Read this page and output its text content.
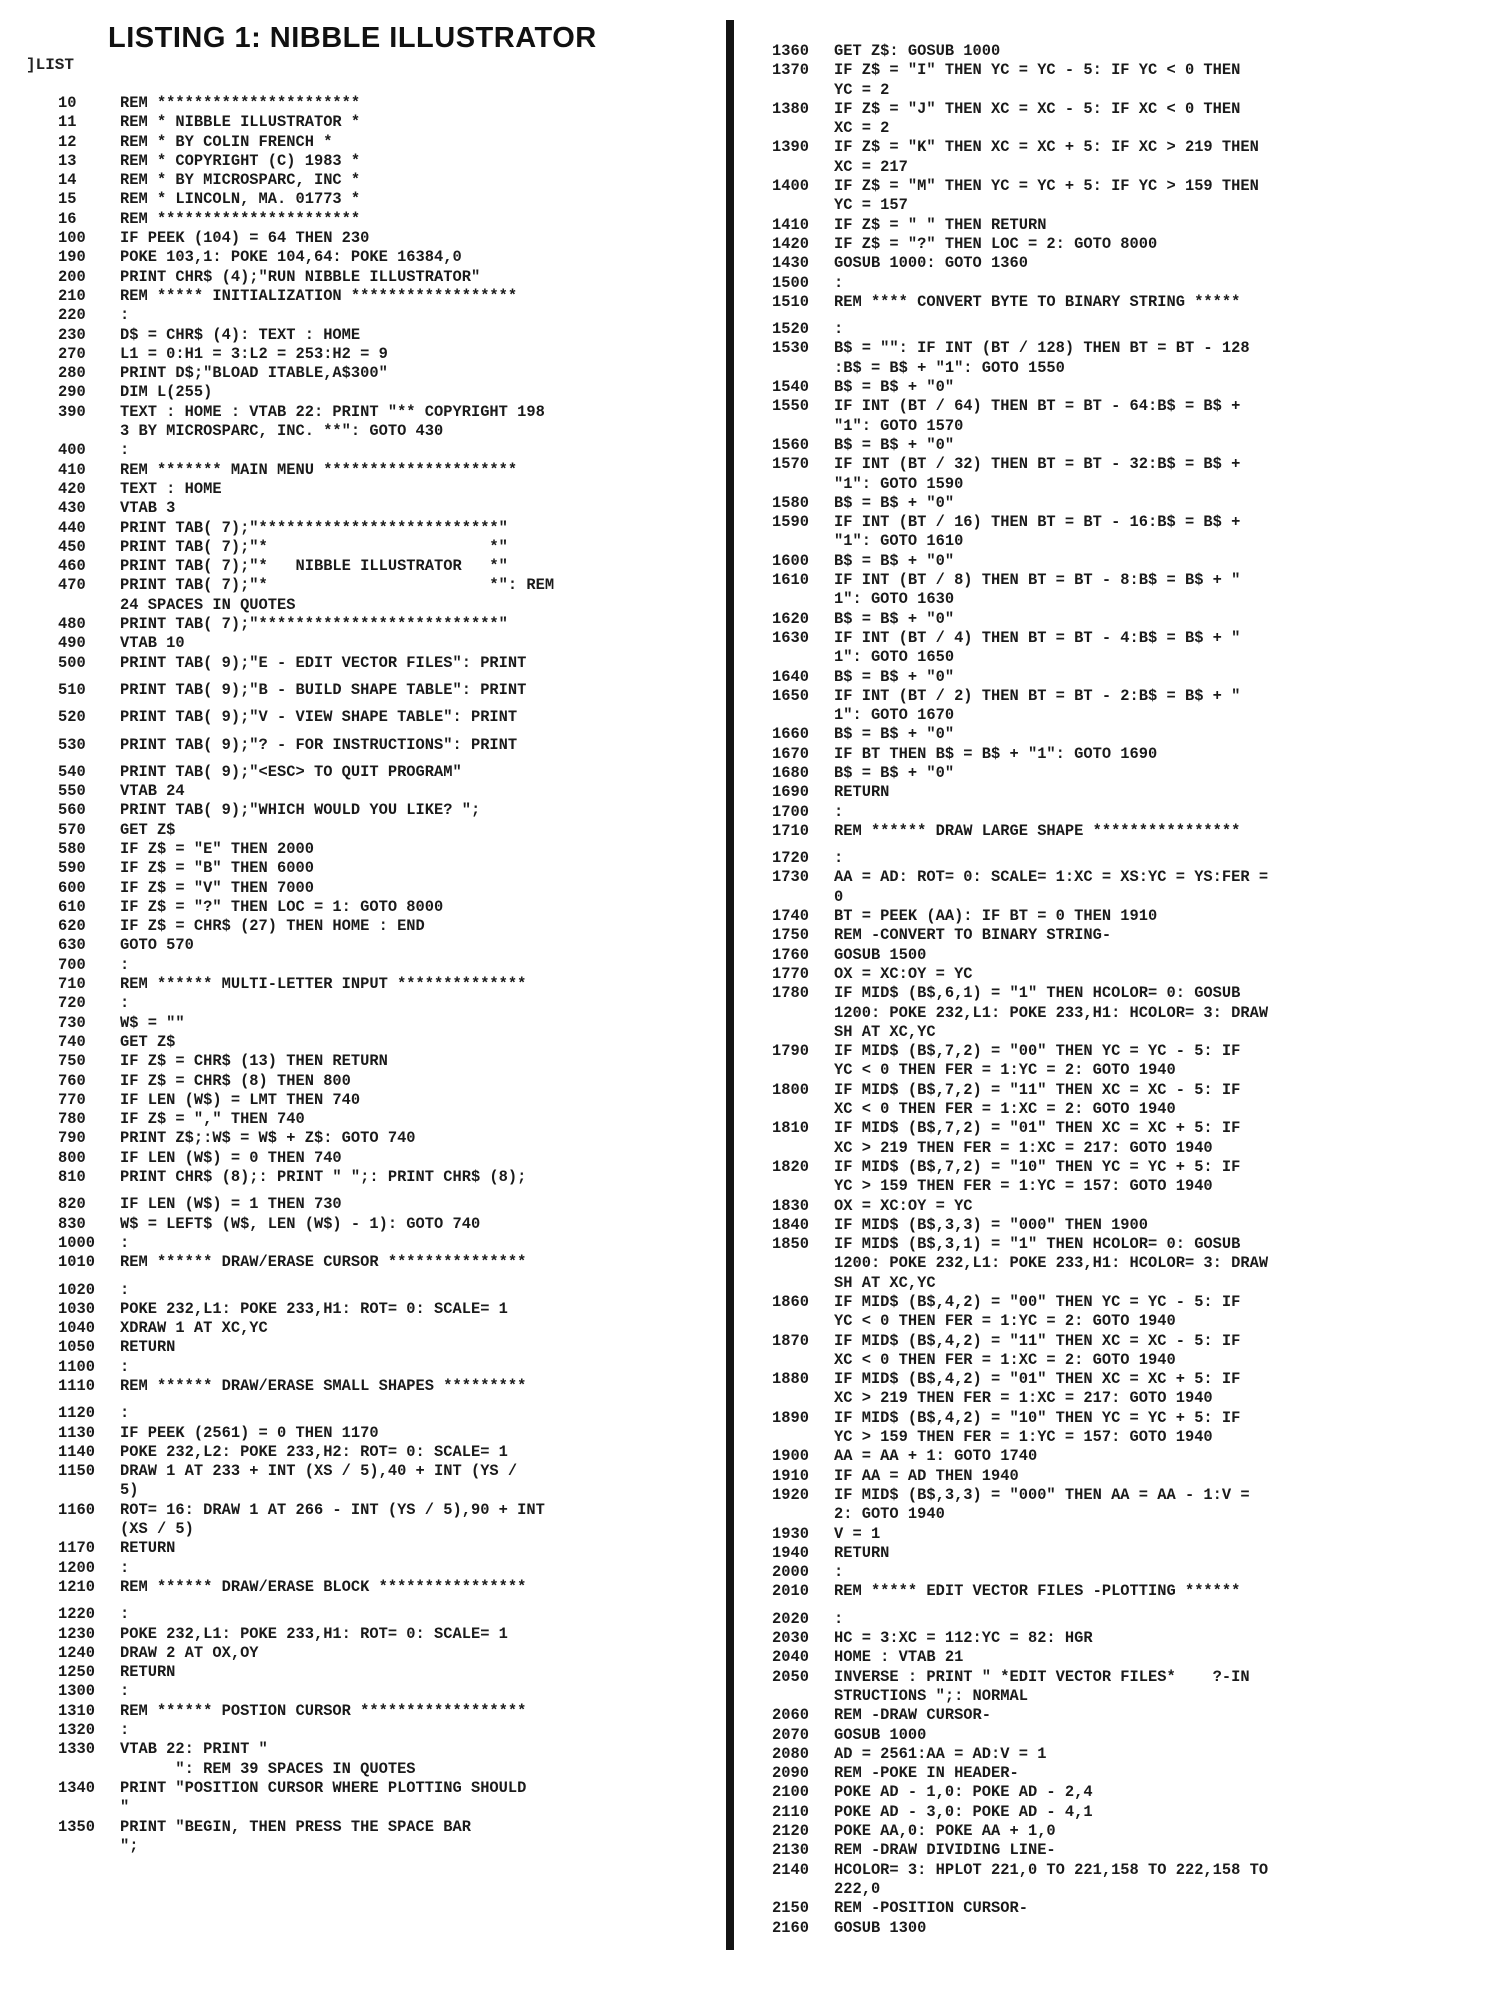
LISTING 1: NIBBLE ILLUSTRATOR
]LIST
10	REM **********************
11	REM * NIBBLE ILLUSTRATOR *
12	REM * BY COLIN FRENCH *
13	REM * COPYRIGHT (C) 1983 *
14	REM * BY MICROSPARC, INC *
15	REM * LINCOLN, MA. 01773 *
16	REM **********************
100 IF PEEK (104) = 64 THEN 230
190 POKE 103,1: POKE 104,64: POKE 16384,0
200 PRINT CHR$ (4);"RUN NIBBLE ILLUSTRATOR"
210 REM ***** INITIALIZATION ******************
220 :
230 D$ = CHR$ (4): TEXT : HOME
270 L1 = 0:H1 = 3:L2 = 253:H2 = 9
280 PRINT D$;"BLOAD ITABLE,A$300"
290 DIM L(255)
390 TEXT : HOME : VTAB 22: PRINT "** COPYRIGHT 198
3 BY MICROSPARC, INC. **": GOTO 430
400 :
410 REM ******* MAIN MENU *********************
420 TEXT : HOME
430 VTAB 3
440 PRINT TAB( 7);"**************************"
450 PRINT TAB( 7);"*                        *"
460 PRINT TAB( 7);"*   NIBBLE ILLUSTRATOR   *"
470 PRINT TAB( 7);"*                        *": REM
24 SPACES IN QUOTES
480 PRINT TAB( 7);"**************************"
490 VTAB 10
500 PRINT TAB( 9);"E - EDIT VECTOR FILES": PRINT
510 PRINT TAB( 9);"B - BUILD SHAPE TABLE": PRINT
520 PRINT TAB( 9);"V - VIEW SHAPE TABLE": PRINT
530 PRINT TAB( 9);"? - FOR INSTRUCTIONS": PRINT
540 PRINT TAB( 9);"<ESC> TO QUIT PROGRAM"
550 VTAB 24
560 PRINT TAB( 9);"WHICH WOULD YOU LIKE? ";
570 GET Z$
580 IF Z$ = "E" THEN 2000
590 IF Z$ = "B" THEN 6000
600 IF Z$ = "V" THEN 7000
610 IF Z$ = "?" THEN LOC = 1: GOTO 8000
620 IF Z$ = CHR$ (27) THEN HOME : END
630 GOTO 570
700 :
710 REM ****** MULTI-LETTER INPUT **************
720 :
730 W$ = ""
740 GET Z$
750 IF Z$ = CHR$ (13) THEN RETURN
760 IF Z$ = CHR$ (8) THEN 800
770 IF LEN (W$) = LMT THEN 740
780 IF Z$ = "," THEN 740
790 PRINT Z$;:W$ = W$ + Z$: GOTO 740
800 IF LEN (W$) = 0 THEN 740
810 PRINT CHR$ (8);: PRINT " ";: PRINT CHR$ (8);
820 IF LEN (W$) = 1 THEN 730
830 W$ = LEFT$ (W$, LEN (W$) - 1): GOTO 740
1000 :
1010 REM ****** DRAW/ERASE CURSOR ***************
1020 :
1030 POKE 232,L1: POKE 233,H1: ROT= 0: SCALE= 1
1040 XDRAW 1 AT XC,YC
1050 RETURN
1100 :
1110 REM ****** DRAW/ERASE SMALL SHAPES *********
1120 :
1130 IF PEEK (2561) = 0 THEN 1170
1140 POKE 232,L2: POKE 233,H2: ROT= 0: SCALE= 1
1150 DRAW 1 AT 233 + INT (XS / 5),40 + INT (YS /
5)
1160 ROT= 16: DRAW 1 AT 266 - INT (YS / 5),90 + INT
(XS / 5)
1170 RETURN
1200 :
1210 REM ****** DRAW/ERASE BLOCK ****************
1220 :
1230 POKE 232,L1: POKE 233,H1: ROT= 0: SCALE= 1
1240 DRAW 2 AT OX,OY
1250 RETURN
1300 :
1310 REM ****** POSTION CURSOR ******************
1320 :
1330 VTAB 22: PRINT "
": REM 39 SPACES IN QUOTES
1340 PRINT "POSITION CURSOR WHERE PLOTTING SHOULD
"
1350 PRINT "BEGIN, THEN PRESS THE SPACE BAR
";
1360 GET Z$: GOSUB 1000
1370 IF Z$ = "I" THEN YC = YC - 5: IF YC < 0 THEN
YC = 2
1380 IF Z$ = "J" THEN XC = XC - 5: IF XC < 0 THEN
XC = 2
1390 IF Z$ = "K" THEN XC = XC + 5: IF XC > 219 THEN
XC = 217
1400 IF Z$ = "M" THEN YC = YC + 5: IF YC > 159 THEN
YC = 157
1410 IF Z$ = " " THEN RETURN
1420 IF Z$ = "?" THEN LOC = 2: GOTO 8000
1430 GOSUB 1000: GOTO 1360
1500 :
1510 REM **** CONVERT BYTE TO BINARY STRING *****
1520 :
1530 B$ = "": IF INT (BT / 128) THEN BT = BT - 128
:B$ = B$ + "1": GOTO 1550
1540 B$ = B$ + "0"
1550 IF INT (BT / 64) THEN BT = BT - 64:B$ = B$ +
"1": GOTO 1570
1560 B$ = B$ + "0"
1570 IF INT (BT / 32) THEN BT = BT - 32:B$ = B$ +
"1": GOTO 1590
1580 B$ = B$ + "0"
1590 IF INT (BT / 16) THEN BT = BT - 16:B$ = B$ +
"1": GOTO 1610
1600 B$ = B$ + "0"
1610 IF INT (BT / 8) THEN BT = BT - 8:B$ = B$ + "
1": GOTO 1630
1620 B$ = B$ + "0"
1630 IF INT (BT / 4) THEN BT = BT - 4:B$ = B$ + "
1": GOTO 1650
1640 B$ = B$ + "0"
1650 IF INT (BT / 2) THEN BT = BT - 2:B$ = B$ + "
1": GOTO 1670
1660 B$ = B$ + "0"
1670 IF BT THEN B$ = B$ + "1": GOTO 1690
1680 B$ = B$ + "0"
1690 RETURN
1700 :
1710 REM ****** DRAW LARGE SHAPE ****************
1720 :
1730 AA = AD: ROT= 0: SCALE= 1:XC = XS:YC = YS:FER =
0
1740 BT = PEEK (AA): IF BT = 0 THEN 1910
1750 REM -CONVERT TO BINARY STRING-
1760 GOSUB 1500
1770 OX = XC:OY = YC
1780 IF MID$ (B$,6,1) = "1" THEN HCOLOR= 0: GOSUB
1200: POKE 232,L1: POKE 233,H1: HCOLOR= 3: DRAW
SH AT XC,YC
1790 IF MID$ (B$,7,2) = "00" THEN YC = YC - 5: IF
YC < 0 THEN FER = 1:YC = 2: GOTO 1940
1800 IF MID$ (B$,7,2) = "11" THEN XC = XC - 5: IF
XC < 0 THEN FER = 1:XC = 2: GOTO 1940
1810 IF MID$ (B$,7,2) = "01" THEN XC = XC + 5: IF
XC > 219 THEN FER = 1:XC = 217: GOTO 1940
1820 IF MID$ (B$,7,2) = "10" THEN YC = YC + 5: IF
YC > 159 THEN FER = 1:YC = 157: GOTO 1940
1830 OX = XC:OY = YC
1840 IF MID$ (B$,3,3) = "000" THEN 1900
1850 IF MID$ (B$,3,1) = "1" THEN HCOLOR= 0: GOSUB
1200: POKE 232,L1: POKE 233,H1: HCOLOR= 3: DRAW
SH AT XC,YC
1860 IF MID$ (B$,4,2) = "00" THEN YC = YC - 5: IF
YC < 0 THEN FER = 1:YC = 2: GOTO 1940
1870 IF MID$ (B$,4,2) = "11" THEN XC = XC - 5: IF
XC < 0 THEN FER = 1:XC = 2: GOTO 1940
1880 IF MID$ (B$,4,2) = "01" THEN XC = XC + 5: IF
XC > 219 THEN FER = 1:XC = 217: GOTO 1940
1890 IF MID$ (B$,4,2) = "10" THEN YC = YC + 5: IF
YC > 159 THEN FER = 1:YC = 157: GOTO 1940
1900 AA = AA + 1: GOTO 1740
1910 IF AA = AD THEN 1940
1920 IF MID$ (B$,3,3) = "000" THEN AA = AA - 1:V =
2: GOTO 1940
1930 V = 1
1940 RETURN
2000 :
2010 REM ***** EDIT VECTOR FILES -PLOTTING ******
2020 :
2030 HC = 3:XC = 112:YC = 82: HGR
2040 HOME : VTAB 21
2050 INVERSE : PRINT " *EDIT VECTOR FILES*    ?-IN
STRUCTIONS ";: NORMAL
2060 REM -DRAW CURSOR-
2070 GOSUB 1000
2080 AD = 2561:AA = AD:V = 1
2090 REM -POKE IN HEADER-
2100 POKE AD - 1,0: POKE AD - 2,4
2110 POKE AD - 3,0: POKE AD - 4,1
2120 POKE AA,0: POKE AA + 1,0
2130 REM -DRAW DIVIDING LINE-
2140 HCOLOR= 3: HPLOT 221,0 TO 221,158 TO 222,158 TO
222,0
2150 REM -POSITION CURSOR-
2160 GOSUB 1300
